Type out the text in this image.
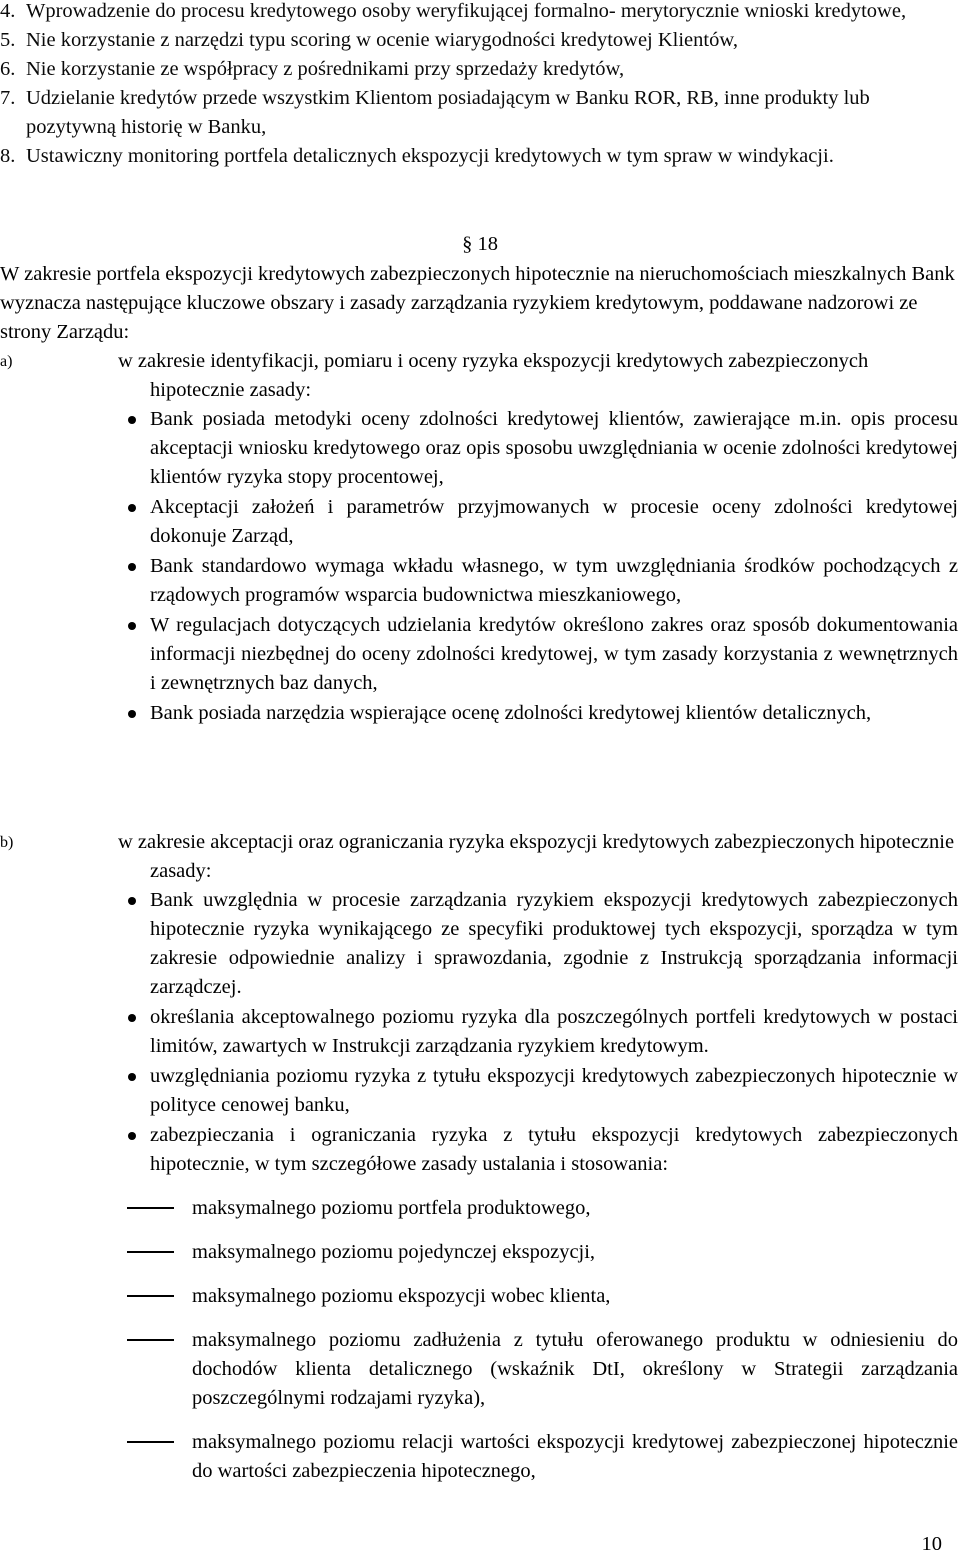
4. Wprowadzenie do procesu kredytowego osoby weryfikującej formalno- merytorycznie wnioski kredytowe,
5. Nie korzystanie z narzędzi typu scoring w ocenie wiarygodności kredytowej Klientów,
6. Nie korzystanie ze współpracy z pośrednikami przy sprzedaży kredytów,
7. Udzielanie kredytów przede wszystkim Klientom posiadającym w Banku ROR, RB, inne produkty lub pozytywną historię w Banku,
8. Ustawiczny monitoring portfela detalicznych ekspozycji kredytowych w tym spraw w windykacji.
§ 18

W zakresie portfela ekspozycji kredytowych zabezpieczonych hipotecznie na nieruchomościach mieszkalnych Bank wyznacza następujące kluczowe obszary i zasady zarządzania ryzykiem kredytowym, poddawane nadzorowi ze strony Zarządu:

a)	w zakresie identyfikacji, pomiaru i oceny ryzyka ekspozycji kredytowych zabezpieczonych hipotecznie zasady:
Bank posiada metodyki oceny zdolności kredytowej klientów, zawierające m.in. opis procesu akceptacji wniosku kredytowego oraz opis sposobu uwzględniania w ocenie zdolności kredytowej klientów ryzyka stopy procentowej,
Akceptacji założeń i parametrów przyjmowanych w procesie oceny zdolności kredytowej dokonuje Zarząd,
Bank standardowo wymaga wkładu własnego, w tym uwzględniania środków pochodzących z rządowych programów wsparcia budownictwa mieszkaniowego,
W regulacjach dotyczących udzielania kredytów określono zakres oraz sposób dokumentowania informacji niezbędnej do oceny zdolności kredytowej, w tym zasady korzystania z wewnętrznych i zewnętrznych baz danych,
Bank posiada narzędzia wspierające ocenę zdolności kredytowej klientów detalicznych,
b)	w zakresie akceptacji oraz ograniczania ryzyka ekspozycji kredytowych zabezpieczonych hipotecznie zasady:
Bank uwzględnia w procesie zarządzania ryzykiem ekspozycji kredytowych zabezpieczonych hipotecznie ryzyka wynikającego ze specyfiki produktowej tych ekspozycji, sporządza w tym zakresie odpowiednie analizy i sprawozdania, zgodnie z Instrukcją sporządzania informacji zarządczej.
określania akceptowalnego poziomu ryzyka dla poszczególnych portfeli kredytowych w postaci limitów, zawartych w Instrukcji zarządzania ryzykiem kredytowym.
uwzględniania poziomu ryzyka z tytułu ekspozycji kredytowych zabezpieczonych hipotecznie w polityce cenowej banku,
zabezpieczania i ograniczania ryzyka z tytułu ekspozycji kredytowych zabezpieczonych hipotecznie, w tym szczegółowe zasady ustalania i stosowania:
maksymalnego poziomu portfela produktowego,
maksymalnego poziomu pojedynczej ekspozycji,
maksymalnego poziomu ekspozycji wobec klienta,
maksymalnego poziomu zadłużenia z tytułu oferowanego produktu w odniesieniu do dochodów klienta detalicznego (wskaźnik DtI, określony w Strategii zarządzania poszczególnymi rodzajami ryzyka),
maksymalnego poziomu relacji wartości ekspozycji kredytowej zabezpieczonej hipotecznie do wartości zabezpieczenia hipotecznego,
10
